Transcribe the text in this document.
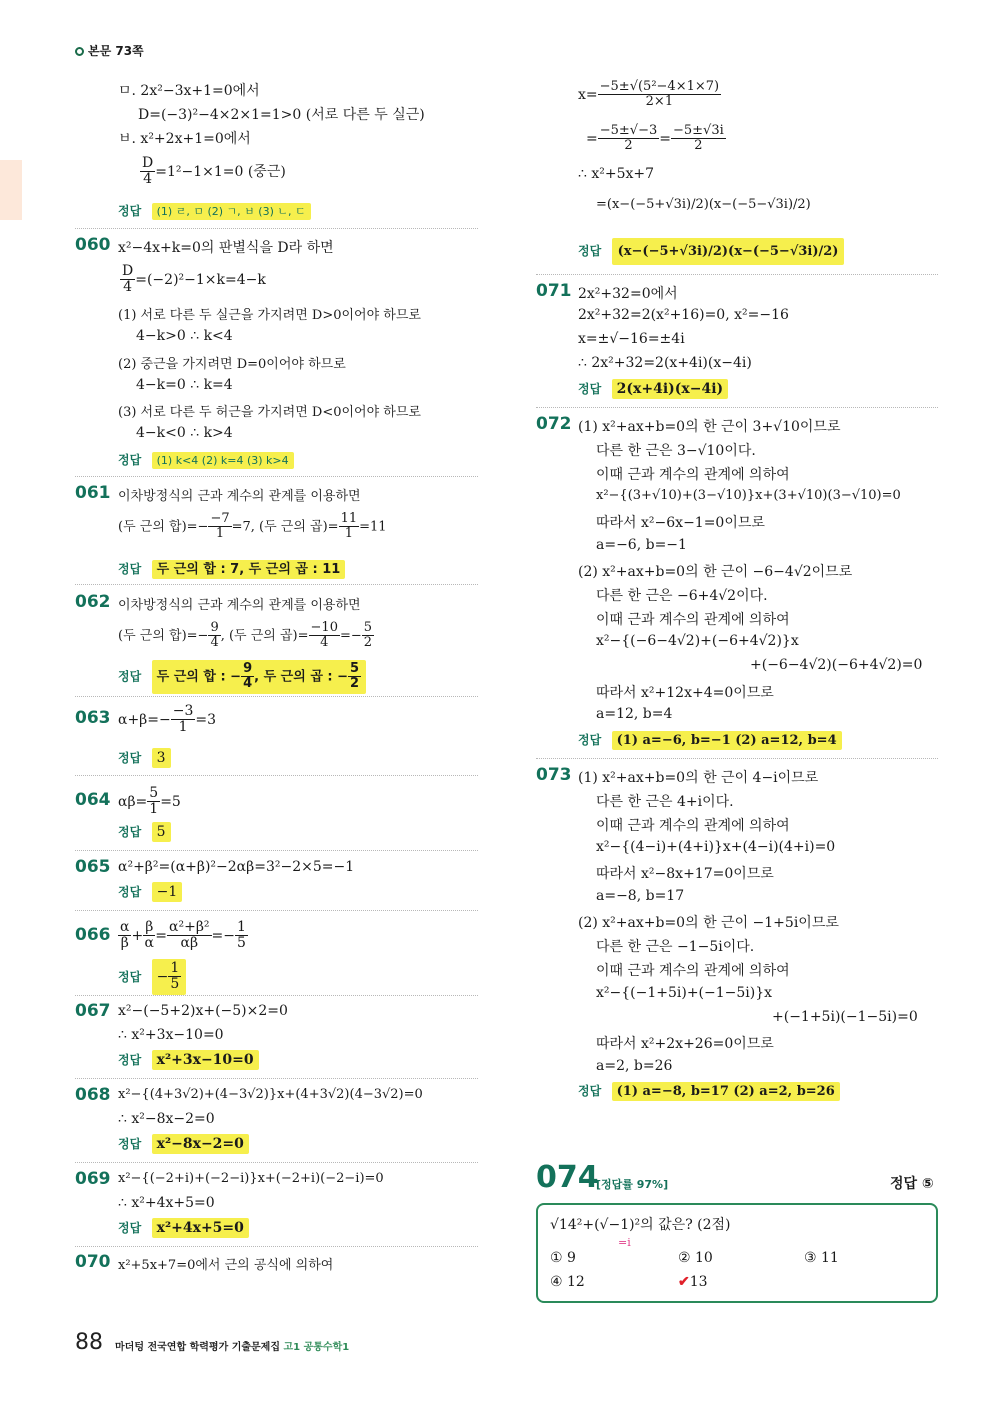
본문 73쪽
ㅁ. 2x²−3x+1=0에서
D=(−3)²−4×2×1=1>0 (서로 다른 두 실근)
ㅂ. x²+2x+1=0에서
$\frac{D}{4} =1^2-1\times 1=0$ (중근)
정답 (1) ㄹ, ㅁ (2) ㄱ, ㅂ (3) ㄴ, ㄷ
060 x²−4x+k=0의 판별식을 D라 하면
$\frac{D}{4} =(-2)^2-1\times k=4-k$
(1) 서로 다른 두 실근을 가지려면 D>0이어야 하므로
4−k>0 ∴ k<4
(2) 중근을 가지려면 D=0이어야 하므로
4−k=0 ∴ k=4
(3) 서로 다른 두 허근을 가지려면 D<0이어야 하므로
4−k<0 ∴ k>4
정답 (1) k<4 (2) k=4 (3) k>4
061 이차방정식의 근과 계수의 관계를 이용하면
(두 근의 합)=− $\frac{-7}{1} =7$, (두 근의 곱)= $\frac{11}{1} =11$
정답 두 근의 합 : 7, 두 근의 곱 : 11
062 이차방정식의 근과 계수의 관계를 이용하면
(두 근의 합)=− $\frac{9}{4}$ , (두 근의 곱)= $\frac{-10}{4} =- \frac{5}{2}$
정답 두 근의 합 : − $\frac{9}{4}$ , 두 근의 곱 : − $\frac{5}{2}$
063 $\alpha+\beta=- \frac{-3}{1} =3$
정답 3
064 $\alpha\beta= \frac{5}{1} =5$
정답 5
065 α²+β²=(α+β)²−2αβ=3²−2×5=−1
정답 −1
$066 \frac{\alpha}{\beta} + \frac{\beta}{\alpha} = \frac{\text{α²+β²}}{\alpha\beta} =- \frac{1}{5}$
정답 − $\frac{1}{5}$
067 x²−(−5+2)x+(−5)×2=0
∴ x²+3x−10=0
정답 x²+3x−10=0
068 x²−{(4+3√2)+(4−3√2)}x+(4+3√2)(4−3√2)=0
∴ x²−8x−2=0
정답 x²−8x−2=0
069 x²−{(−2+i)+(−2−i)}x+(−2+i)(−2−i)=0
∴ x²+4x+5=0
정답 x²+4x+5=0
070 x²+5x+7=0에서 근의 공식에 의하여
$x= \frac{\text{−5±√(5²−4×1×7)}}{2\times 1}$
= $\frac{-5\pm√-3}{2} = \frac{-5\pm√3i}{2}$
∴ x²+5x+7
=(x−(−5+√3i)/2)(x−(−5−√3i)/2)
정답 (x−(−5+√3i)/2)(x−(−5−√3i)/2)
071 2x²+32=0에서
2x²+32=2(x²+16)=0, x²=−16
x=±√−16=±4i
∴ 2x²+32=2(x+4i)(x−4i)
정답 2(x+4i)(x−4i)
072 (1) x²+ax+b=0의 한 근이 3+√10이므로
다른 한 근은 3−√10이다.
이때 근과 계수의 관계에 의하여
x²−{(3+√10)+(3−√10)}x+(3+√10)(3−√10)=0
따라서 x²−6x−1=0이므로
a=−6, b=−1
(2) x²+ax+b=0의 한 근이 −6−4√2이므로
다른 한 근은 −6+4√2이다.
이때 근과 계수의 관계에 의하여
x²−{(−6−4√2)+(−6+4√2)}x
+(−6−4√2)(−6+4√2)=0
따라서 x²+12x+4=0이므로
a=12, b=4
정답 (1) a=−6, b=−1 (2) a=12, b=4
073 (1) x²+ax+b=0의 한 근이 4−i이므로
다른 한 근은 4+i이다.
이때 근과 계수의 관계에 의하여
x²−{(4−i)+(4+i)}x+(4−i)(4+i)=0
따라서 x²−8x+17=0이므로
a=−8, b=17
(2) x²+ax+b=0의 한 근이 −1+5i이므로
다른 한 근은 −1−5i이다.
이때 근과 계수의 관계에 의하여
x²−{(−1+5i)+(−1−5i)}x
+(−1+5i)(−1−5i)=0
따라서 x²+2x+26=0이므로
a=2, b=26
정답 (1) a=−8, b=17 (2) a=2, b=26
074
[정답률 97%]	정답 ⑤
√14²+(√−1)²의 값은? (2점)
=i
① 9	② 10	③ 11
④ 12	✔13
88 마더텅 전국연합 학력평가 기출문제집 고1 공통수학1
